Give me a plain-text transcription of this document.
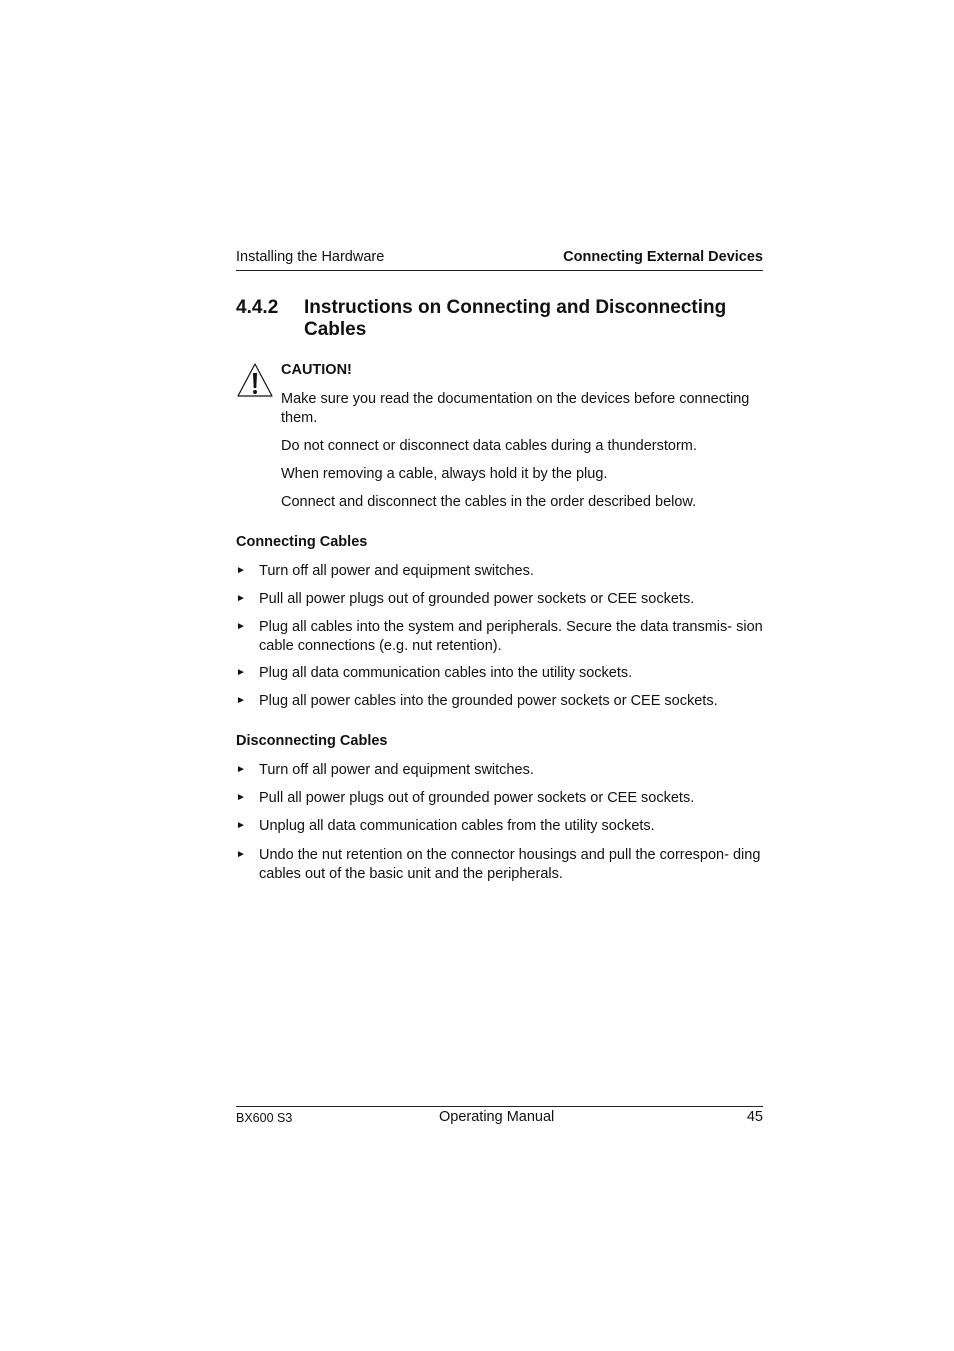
Installing the Hardware	Connecting External Devices
4.4.2 Instructions on Connecting and Disconnecting Cables
CAUTION!
Make sure you read the documentation on the devices before connecting them.
Do not connect or disconnect data cables during a thunderstorm.
When removing a cable, always hold it by the plug.
Connect and disconnect the cables in the order described below.
Connecting Cables
► Turn off all power and equipment switches.
► Pull all power plugs out of grounded power sockets or CEE sockets.
► Plug all cables into the system and peripherals. Secure the data transmis- sion cable connections (e.g. nut retention).
► Plug all data communication cables into the utility sockets.
► Plug all power cables into the grounded power sockets or CEE sockets.
Disconnecting Cables
► Turn off all power and equipment switches.
► Pull all power plugs out of grounded power sockets or CEE sockets.
► Unplug all data communication cables from the utility sockets.
► Undo the nut retention on the connector housings and pull the correspon- ding cables out of the basic unit and the peripherals.
BX600 S3	Operating Manual	45
